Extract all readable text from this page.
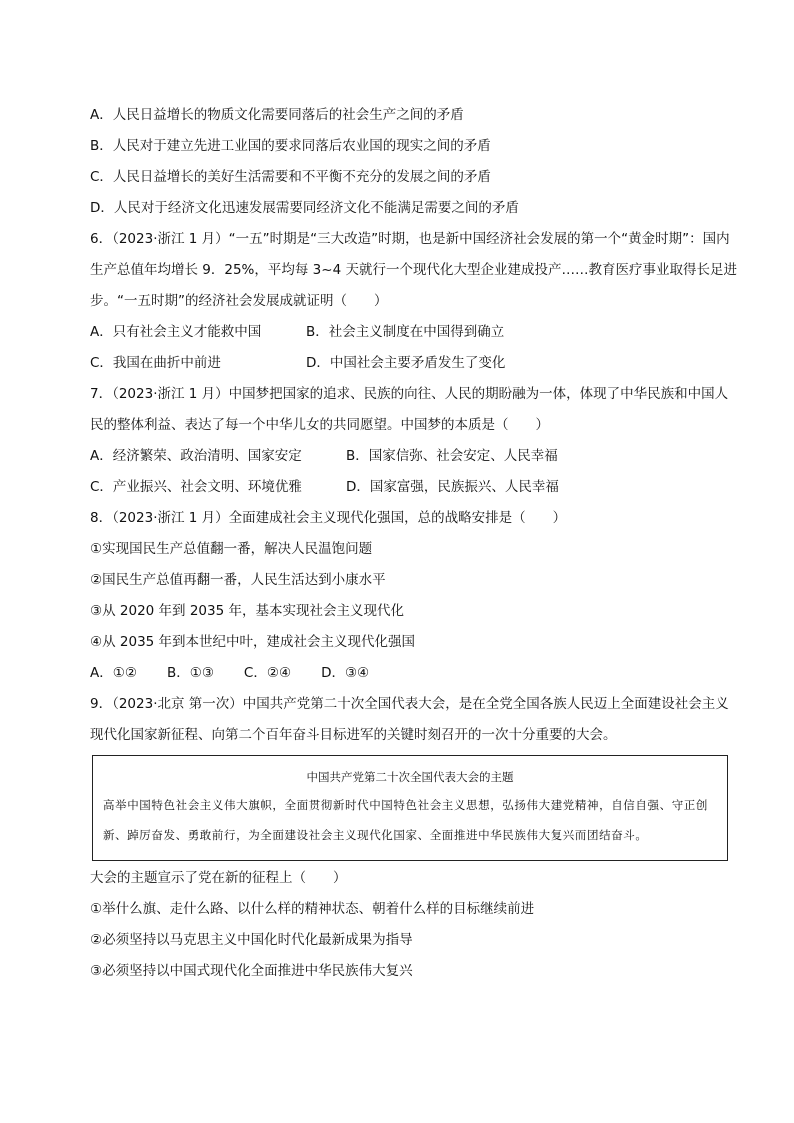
A．人民日益增长的物质文化需要同落后的社会生产之间的矛盾
B．人民对于建立先进工业国的要求同落后农业国的现实之间的矛盾
C．人民日益增长的美好生活需要和不平衡不充分的发展之间的矛盾
D．人民对于经济文化迅速发展需要同经济文化不能满足需要之间的矛盾
6．（2023·浙江 1 月）“一五”时期是“三大改造”时期，也是新中国经济社会发展的第一个“黄金时期”：国内
生产总值年均增长 9．25%，平均每 3~4 天就行一个现代化大型企业建成投产……教育医疗事业取得长足进
步。“一五时期”的经济社会发展成就证明（　　）
A．只有社会主义才能救中国	B．社会主义制度在中国得到确立
C．我国在曲折中前进	D．中国社会主要矛盾发生了变化
7．（2023·浙江 1 月）中国梦把国家的追求、民族的向往、人民的期盼融为一体，体现了中华民族和中国人
民的整体利益、表达了每一个中华儿女的共同愿望。中国梦的本质是（　　）
A．经济繁荣、政治清明、国家安定	B．国家信弥、社会安定、人民幸福
C．产业振兴、社会文明、环境优雅	D．国家富强，民族振兴、人民幸福
8．（2023·浙江 1 月）全面建成社会主义现代化强国，总的战略安排是（　　）
①实现国民生产总值翻一番，解决人民温饱问题
②国民生产总值再翻一番，人民生活达到小康水平
③从 2020 年到 2035 年，基本实现社会主义现代化
④从 2035 年到本世纪中叶，建成社会主义现代化强国
A．①② B．①③ C．②④ D．③④
9．（2023·北京 第一次）中国共产党第二十次全国代表大会，是在全党全国各族人民迈上全面建设社会主义
现代化国家新征程、向第二个百年奋斗目标进军的关键时刻召开的一次十分重要的大会。
中国共产党第二十次全国代表大会的主题
高举中国特色社会主义伟大旗帜，全面贯彻新时代中国特色社会主义思想，弘扬伟大建党精神，自信自强、守正创新、踔厉奋发、勇敢前行，为全面建设社会主义现代化国家、全面推进中华民族伟大复兴而团结奋斗。
大会的主题宣示了党在新的征程上（　　）
①举什么旗、走什么路、以什么样的精神状态、朝着什么样的目标继续前进
②必须坚持以马克思主义中国化时代化最新成果为指导
③必须坚持以中国式现代化全面推进中华民族伟大复兴
